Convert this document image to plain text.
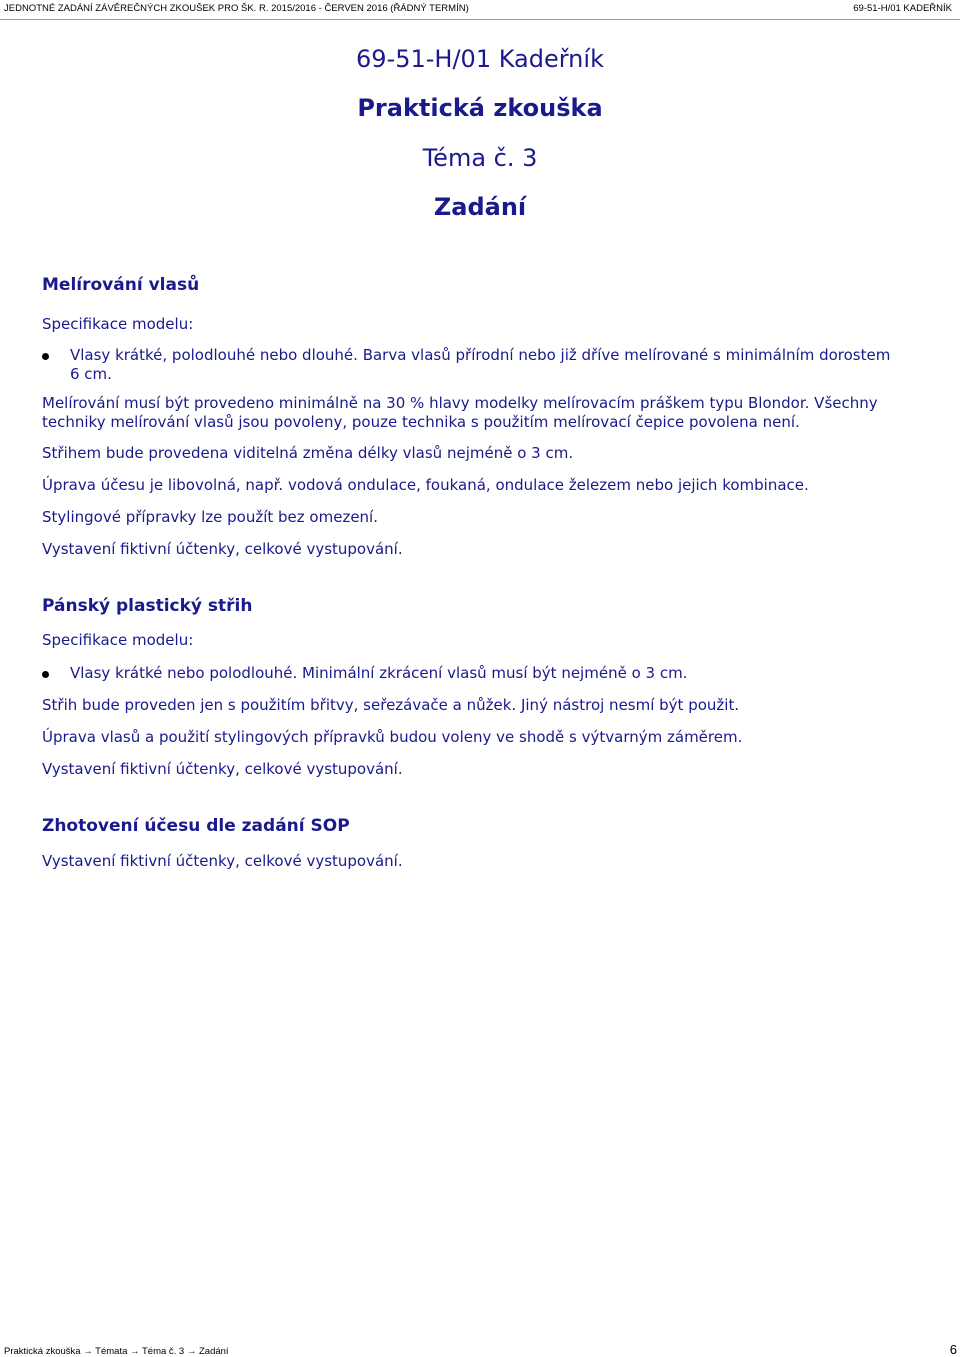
JEDNOTNÉ ZADÁNÍ ZÁVĚREČNÝCH ZKOUŠEK PRO ŠK. R. 2015/2016 - ČERVEN 2016 (ŘÁDNÝ TERMÍN)	69-51-H/01 KADEŘNÍK
69-51-H/01 Kadeřník
Praktická zkouška
Téma č. 3
Zadání
Melírování vlasů
Specifikace modelu:
Vlasy krátké, polodlouhé nebo dlouhé. Barva vlasů přírodní nebo již dříve melírované s minimálním dorostem 6 cm.
Melírování musí být provedeno minimálně na 30 % hlavy modelky melírovacím práškem typu Blondor. Všechny techniky melírování vlasů jsou povoleny, pouze technika s použitím melírovací čepice povolena není.
Střihem bude provedena viditelná změna délky vlasů nejméně o 3 cm.
Úprava účesu je libovolná, např. vodová ondulace, foukaná, ondulace železem nebo jejich kombinace.
Stylingové přípravky lze použít bez omezení.
Vystavení fiktivní účtenky, celkové vystupování.
Pánský plastický střih
Specifikace modelu:
Vlasy krátké nebo polodlouhé. Minimální zkrácení vlasů musí být nejméně o 3 cm.
Střih bude proveden jen s použitím břitvy, seřezávače a nůžek. Jiný nástroj nesmí být použit.
Úprava vlasů a použití stylingových přípravků budou voleny ve shodě s výtvarným záměrem.
Vystavení fiktivní účtenky, celkové vystupování.
Zhotovení účesu dle zadání SOP
Vystavení fiktivní účtenky, celkové vystupování.
Praktická zkouška → Témata → Téma č. 3 → Zadání	6
